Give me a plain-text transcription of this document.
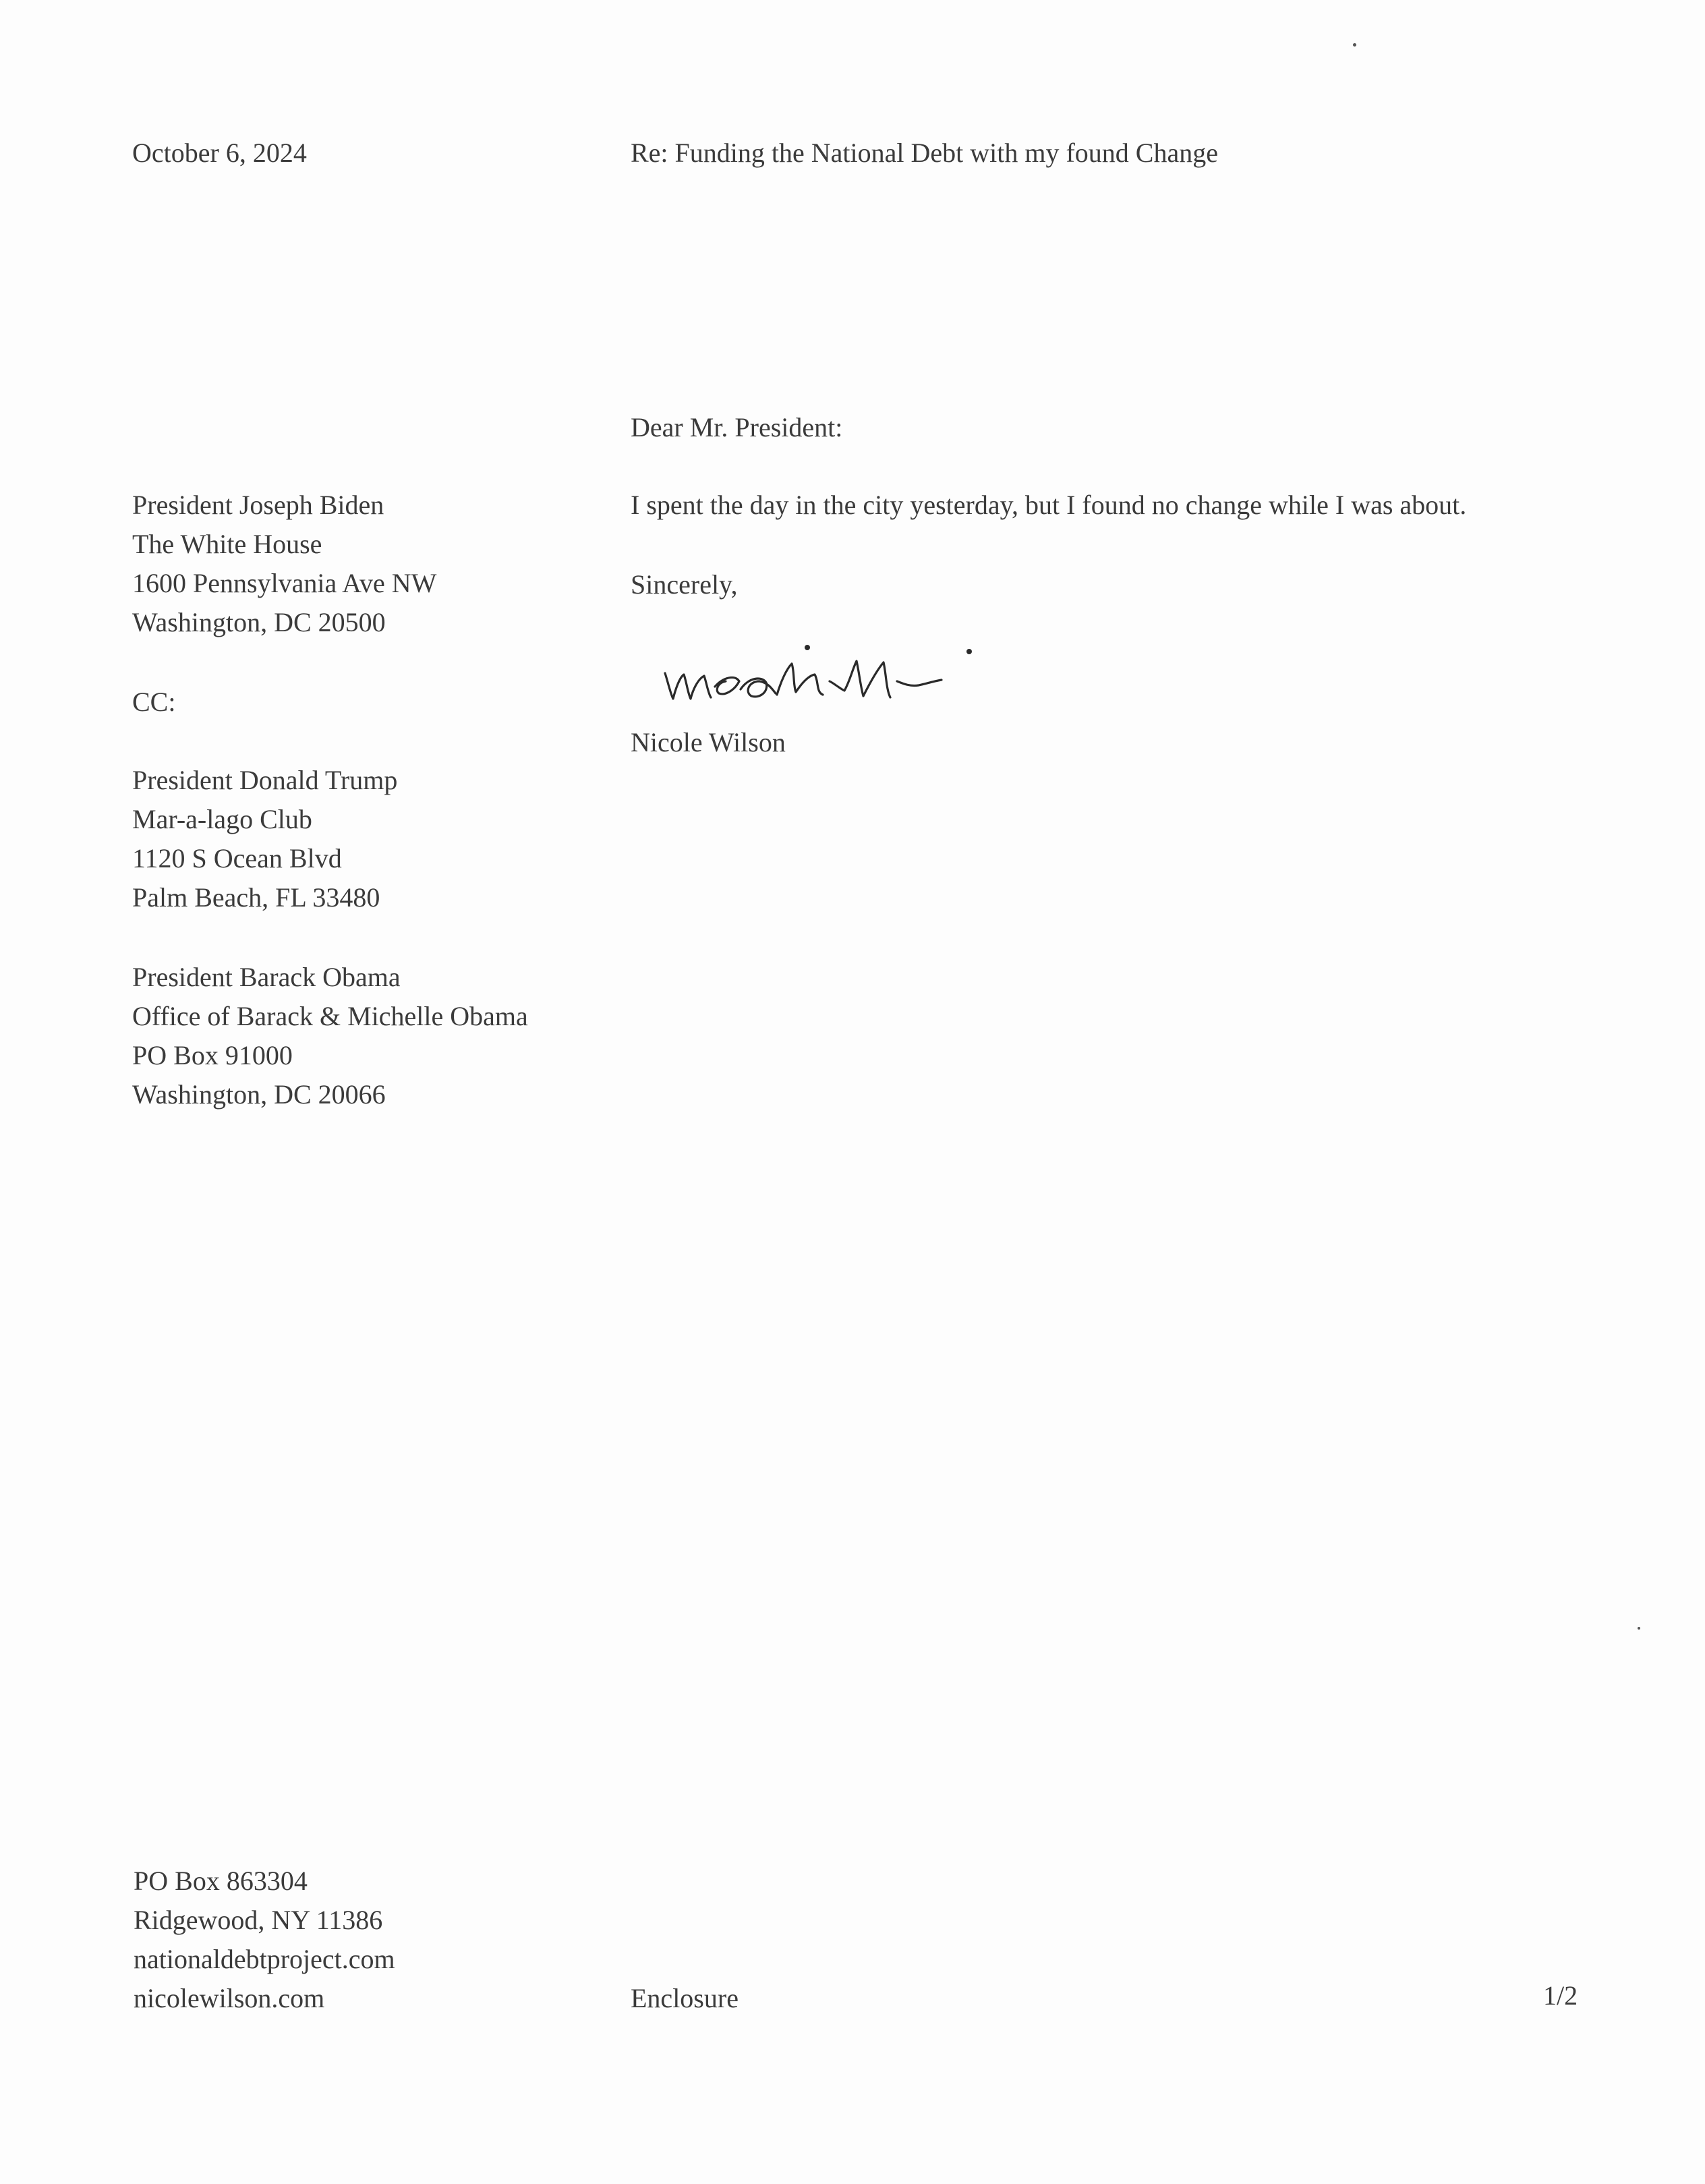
October 6, 2024	Re: Funding the National Debt with my found Change
Dear Mr. President:
President Joseph Biden
The White House
1600 Pennsylvania Ave NW
Washington, DC 20500
I spent the day in the city yesterday, but I found no change while I was about.
Sincerely,
Nicole Wilson
CC:
President Donald Trump
Mar-a-lago Club
1120 S Ocean Blvd
Palm Beach, FL 33480
President Barack Obama
Office of Barack & Michelle Obama
PO Box 91000
Washington, DC 20066
PO Box 863304
Ridgewood, NY 11386
nationaldebtproject.com
nicolewilson.com	Enclosure	1/2
